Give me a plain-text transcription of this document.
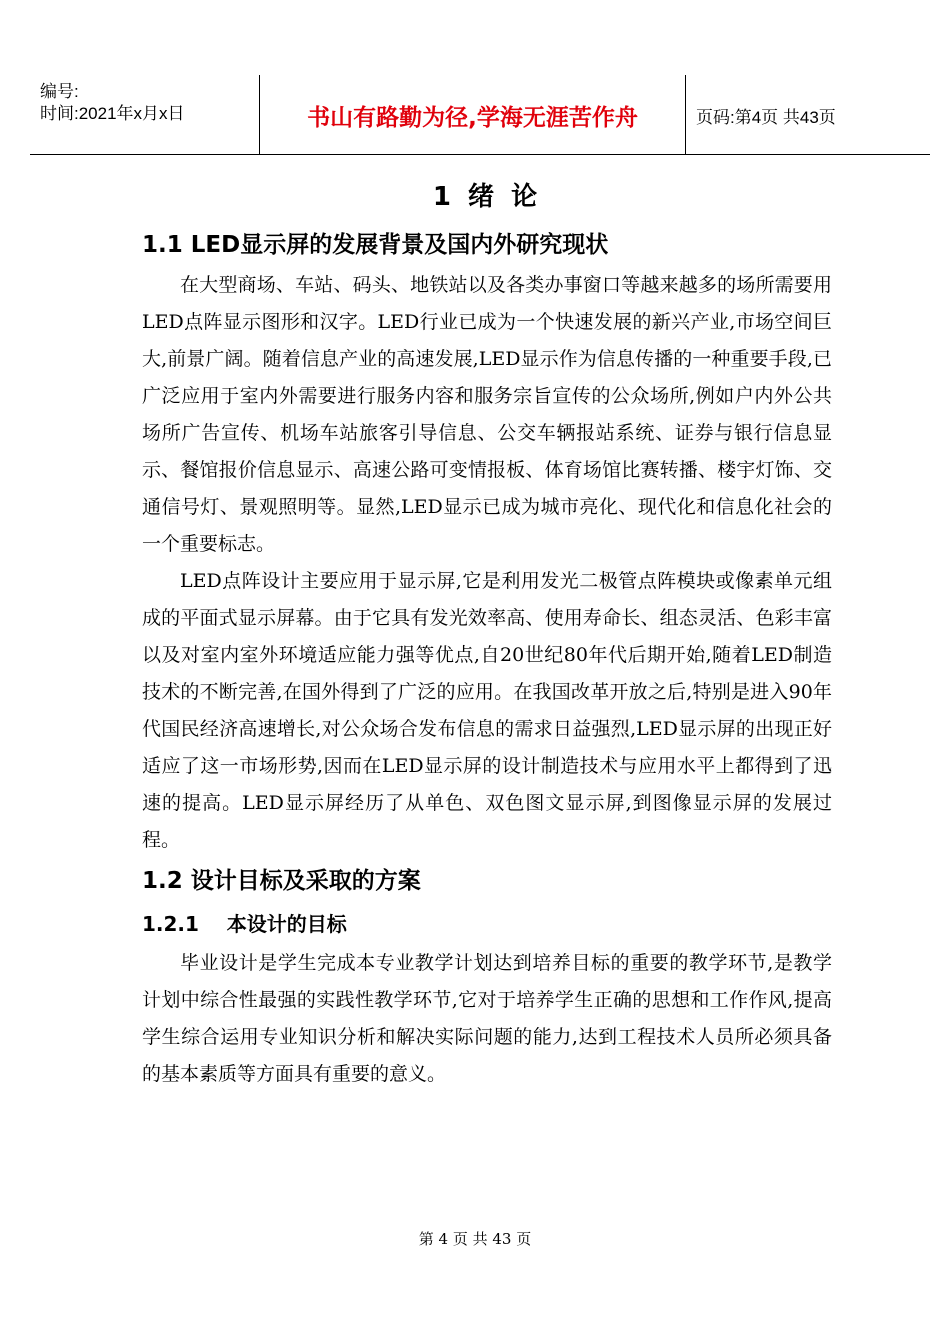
编号:
时间:2021年x月x日	书山有路勤为径,学海无涯苦作舟	页码:第4页 共43页
1 绪 论
1.1 LED显示屏的发展背景及国内外研究现状

在大型商场、车站、码头、地铁站以及各类办事窗口等越来越多的场所需要用LED点阵显示图形和汉字。LED行业已成为一个快速发展的新兴产业,市场空间巨大,前景广阔。随着信息产业的高速发展,LED显示作为信息传播的一种重要手段,已广泛应用于室内外需要进行服务内容和服务宗旨宣传的公众场所,例如户内外公共场所广告宣传、机场车站旅客引导信息、公交车辆报站系统、证券与银行信息显示、餐馆报价信息显示、高速公路可变情报板、体育场馆比赛转播、楼宇灯饰、交通信号灯、景观照明等。显然,LED显示已成为城市亮化、现代化和信息化社会的一个重要标志。

LED点阵设计主要应用于显示屏,它是利用发光二极管点阵模块或像素单元组成的平面式显示屏幕。由于它具有发光效率高、使用寿命长、组态灵活、色彩丰富以及对室内室外环境适应能力强等优点,自20世纪80年代后期开始,随着LED制造技术的不断完善,在国外得到了广泛的应用。在我国改革开放之后,特别是进入90年代国民经济高速增长,对公众场合发布信息的需求日益强烈,LED显示屏的出现正好适应了这一市场形势,因而在LED显示屏的设计制造技术与应用水平上都得到了迅速的提高。LED显示屏经历了从单色、双色图文显示屏,到图像显示屏的发展过程。

1.2 设计目标及采取的方案
1.2.1    本设计的目标

毕业设计是学生完成本专业教学计划达到培养目标的重要的教学环节,是教学计划中综合性最强的实践性教学环节,它对于培养学生正确的思想和工作作风,提高学生综合运用专业知识分析和解决实际问题的能力,达到工程技术人员所必须具备的基本素质等方面具有重要的意义。

第 4 页 共 43 页
